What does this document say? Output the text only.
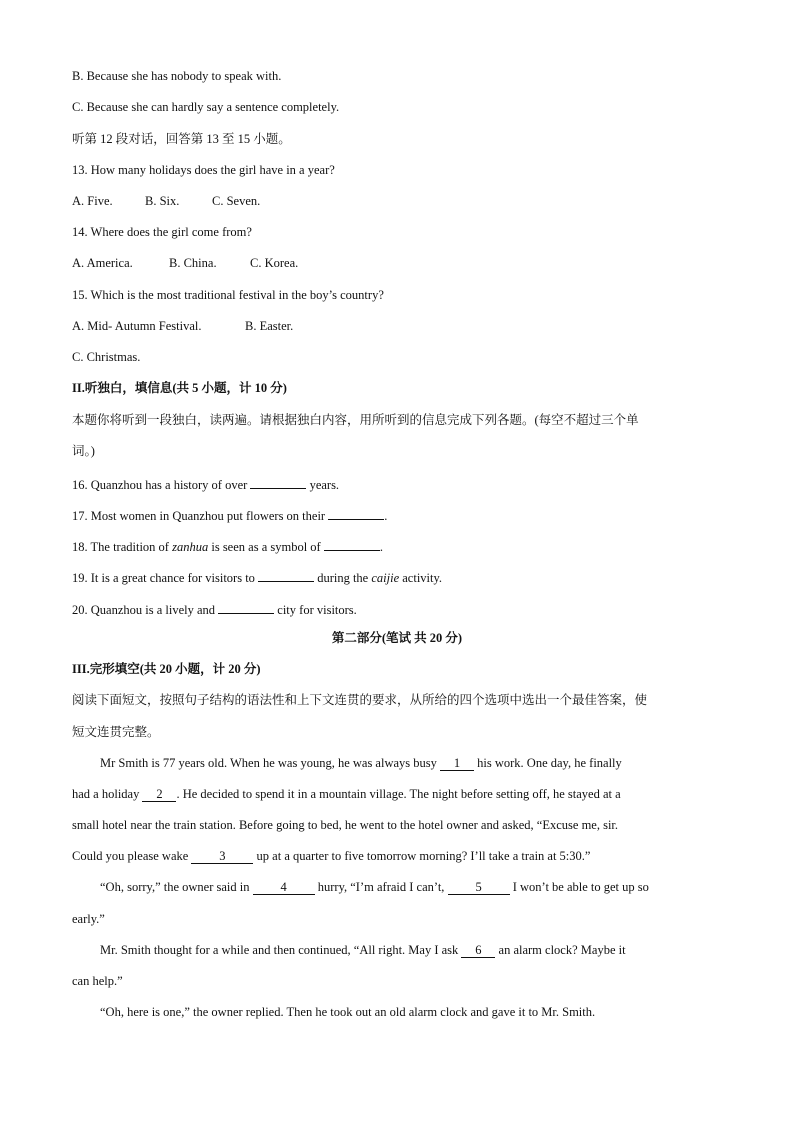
B. Because she has nobody to speak with.
C. Because she can hardly say a sentence completely.
听第 12 段对话，回答第 13 至 15 小题。
13. How many holidays does the girl have in a year?
A. Five.	B. Six.	C. Seven.
14. Where does the girl come from?
A. America.	B. China.	C. Korea.
15. Which is the most traditional festival in the boy’s country?
A. Mid- Autumn Festival.	B. Easter.
C. Christmas.
II.听独白，填信息(共 5 小题，计 10 分)
本题你将听到一段独白，读两遍。请根据独白内容，用所听到的信息完成下列各题。(每空不超过三个单
词。)
16. Quanzhou has a history of over	years.
17. Most women in Quanzhou put flowers on their	.
18. The tradition of zanhua is seen as a symbol of	.
19. It is a great chance for visitors to	during the caijie activity.
20. Quanzhou is a lively and	city for visitors.
第二部分(笔试 共 20 分)
III.完形填空(共 20 小题，计 20 分)
阅读下面短文，按照句子结构的语法性和上下文连贯的要求，从所给的四个选项中选出一个最佳答案，使
短文连贯完整。
Mr Smith is 77 years old. When he was young, he was always busy 1 his work. One day, he finally
had a holiday 2 . He decided to spend it in a mountain village. The night before setting off, he stayed at a
small hotel near the train station. Before going to bed, he went to the hotel owner and asked, “Excuse me, sir.
Could you please wake 3 up at a quarter to five tomorrow morning? I’ll take a train at 5:30.”
“Oh, sorry,” the owner said in 4 hurry, “I’m afraid I can’t, 5 I won’t be able to get up so
early.”
Mr. Smith thought for a while and then continued, “All right. May I ask 6 an alarm clock? Maybe it
can help.”
“Oh, here is one,” the owner replied. Then he took out an old alarm clock and gave it to Mr. Smith.
